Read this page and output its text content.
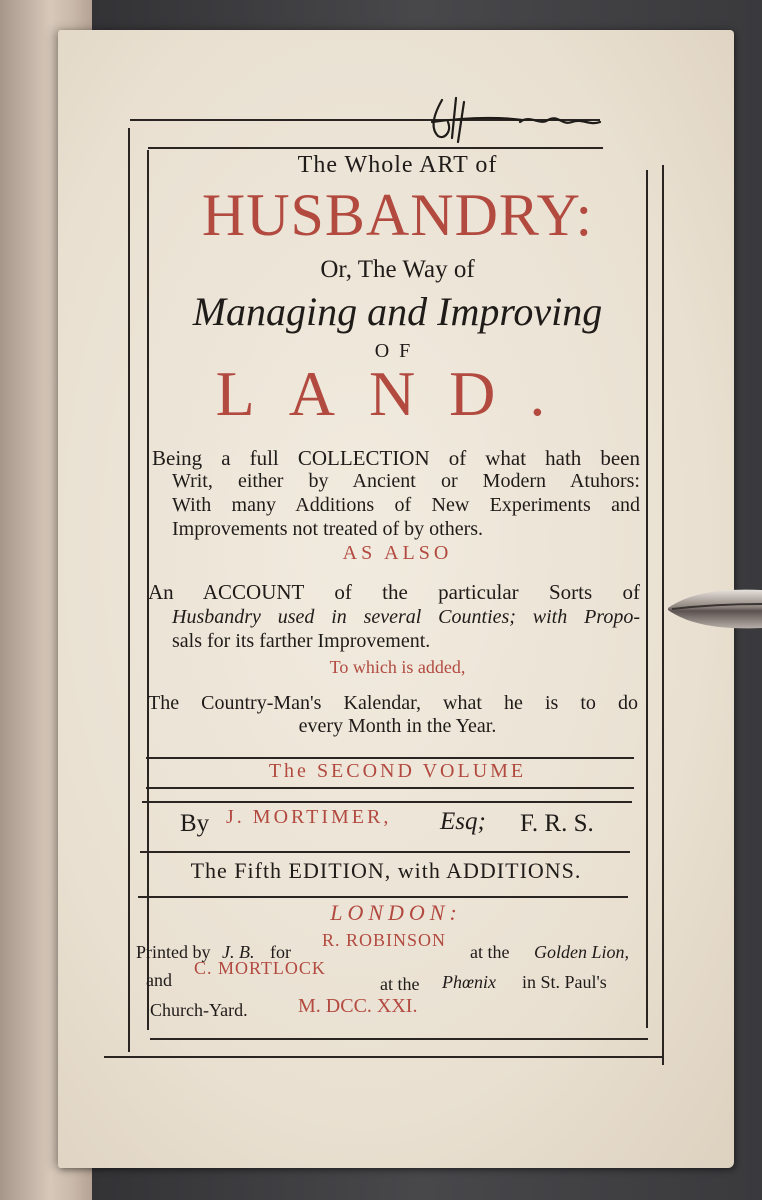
The Whole ART of

HUSBANDRY:

Or, The Way of

Managing and Improving

OF

LAND.

Being a full COLLECTION of what hath been

Writ, either by Ancient or Modern Atuhors:

With many Additions of New Experiments and

Improvements not treated of by others.

AS ALSO

An ACCOUNT of the particular Sorts of

Husbandry used in several Counties; with Propo-

sals for its farther Improvement.

To which is added,

The Country-Man's Kalendar, what he is to do

every Month in the Year.

The SECOND VOLUME

By J. MORTIMER, Esq; F. R. S.

The Fifth EDITION, with ADDITIONS.

LONDON:

Printed by J. B. for

R. ROBINSON

at the Golden Lion,

and

C. MORTLOCK

at the Phœnix in St. Paul's

Church-Yard.	M. DCC. XXI.
